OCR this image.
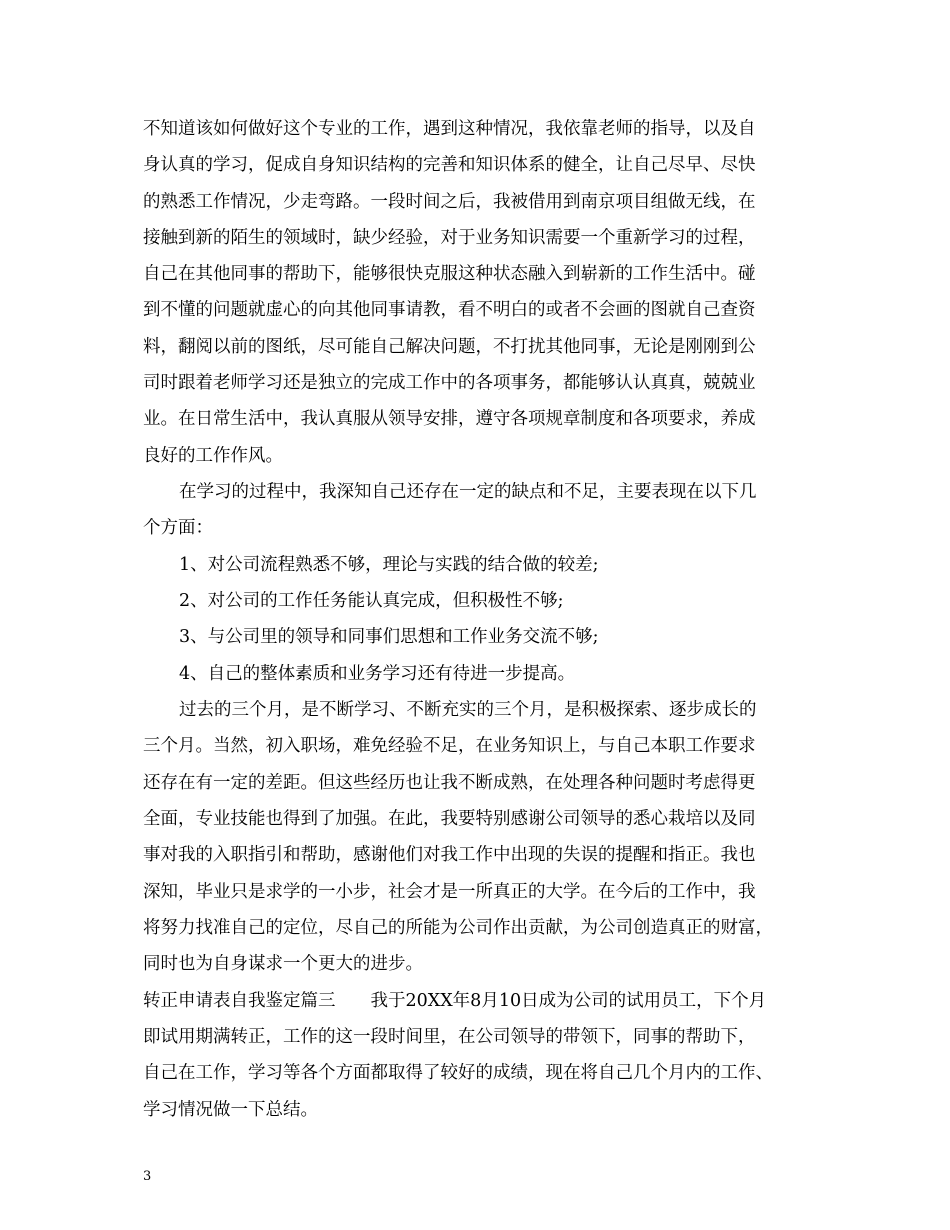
不知道该如何做好这个专业的工作，遇到这种情况，我依靠老师的指导，以及自
身认真的学习，促成自身知识结构的完善和知识体系的健全，让自己尽早、尽快
的熟悉工作情况，少走弯路。一段时间之后，我被借用到南京项目组做无线，在
接触到新的陌生的领域时，缺少经验，对于业务知识需要一个重新学习的过程，
自己在其他同事的帮助下，能够很快克服这种状态融入到崭新的工作生活中。碰
到不懂的问题就虚心的向其他同事请教，看不明白的或者不会画的图就自己查资
料，翻阅以前的图纸，尽可能自己解决问题，不打扰其他同事，无论是刚刚到公
司时跟着老师学习还是独立的完成工作中的各项事务，都能够认认真真，兢兢业
业。在日常生活中，我认真服从领导安排，遵守各项规章制度和各项要求，养成
良好的工作作风。
在学习的过程中，我深知自己还存在一定的缺点和不足，主要表现在以下几
个方面：
1、对公司流程熟悉不够，理论与实践的结合做的较差;
2、对公司的工作任务能认真完成，但积极性不够;
3、与公司里的领导和同事们思想和工作业务交流不够;
4、自己的整体素质和业务学习还有待进一步提高。
过去的三个月，是不断学习、不断充实的三个月，是积极探索、逐步成长的
三个月。当然，初入职场，难免经验不足，在业务知识上，与自己本职工作要求
还存在有一定的差距。但这些经历也让我不断成熟，在处理各种问题时考虑得更
全面，专业技能也得到了加强。在此，我要特别感谢公司领导的悉心栽培以及同
事对我的入职指引和帮助，感谢他们对我工作中出现的失误的提醒和指正。我也
深知，毕业只是求学的一小步，社会才是一所真正的大学。在今后的工作中，我
将努力找准自己的定位，尽自己的所能为公司作出贡献，为公司创造真正的财富，
同时也为自身谋求一个更大的进步。
转正申请表自我鉴定篇三　　我于20XX年8月10日成为公司的试用员工，下个月
即试用期满转正，工作的这一段时间里，在公司领导的带领下，同事的帮助下，
自己在工作，学习等各个方面都取得了较好的成绩，现在将自己几个月内的工作、
学习情况做一下总结。
3
